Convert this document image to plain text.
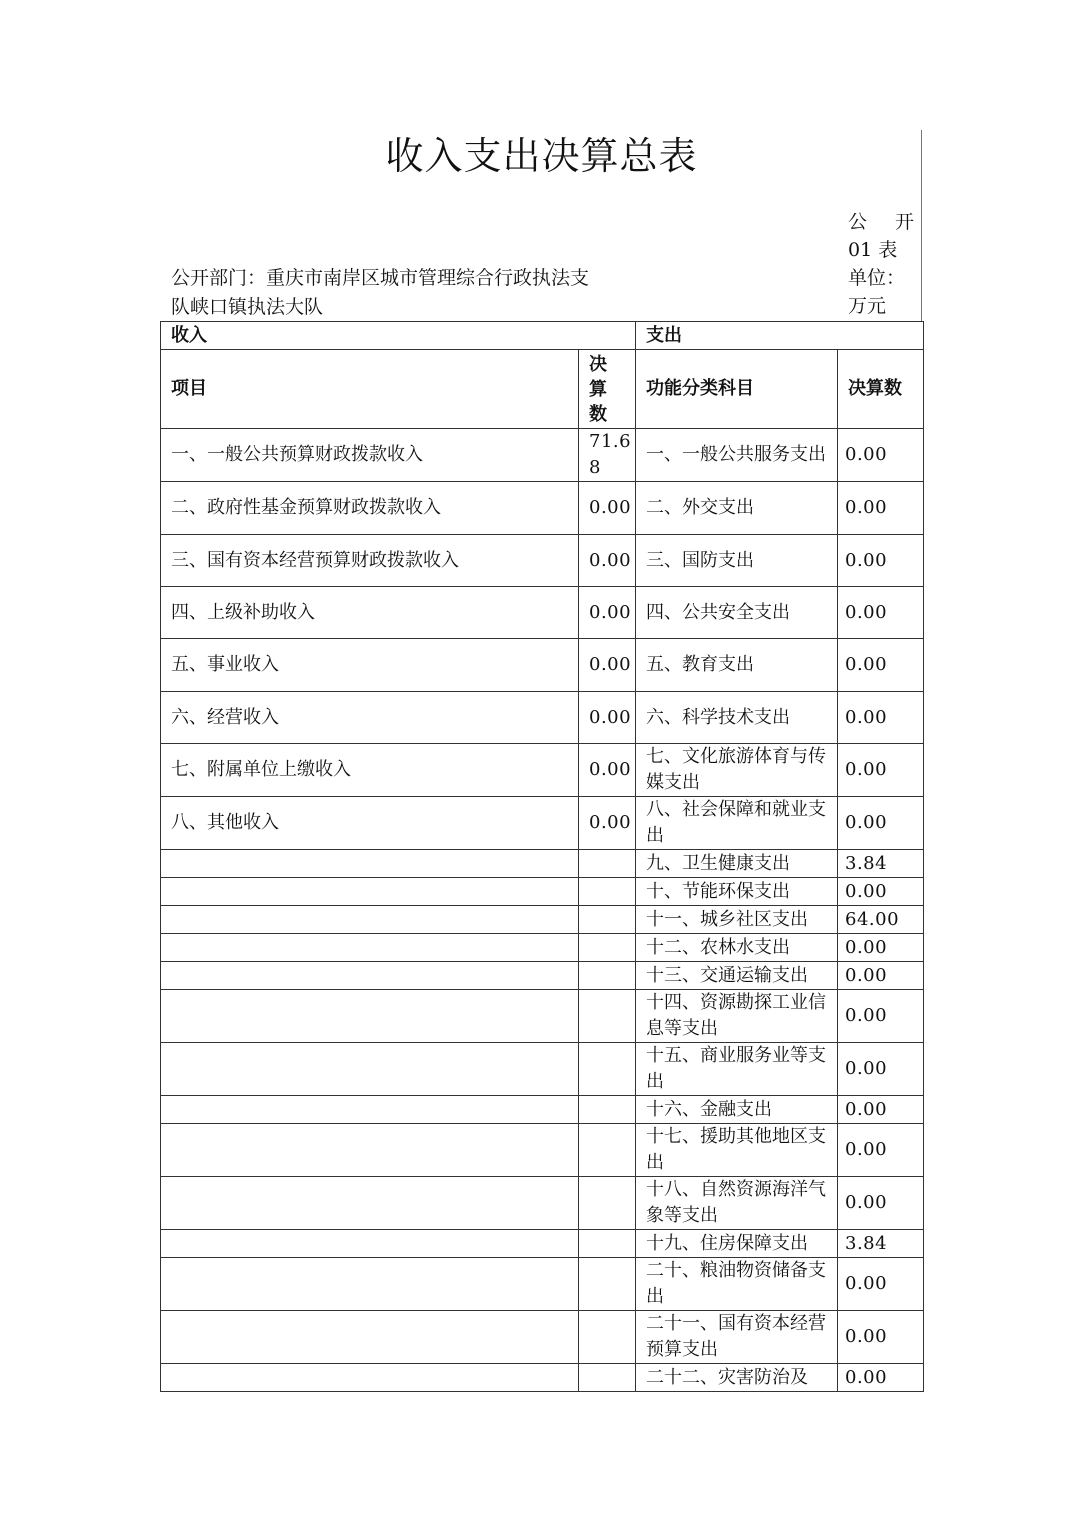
收入支出决算总表
公开部门：重庆市南岸区城市管理综合行政执法支队峡口镇执法大队
公 开
01 表
单位：
万元
收入		支出	
项目	决算数	功能分类科目	决算数
一、一般公共预算财政拨款收入	71.68	一、一般公共服务支出	0.00
二、政府性基金预算财政拨款收入	0.00	二、外交支出	0.00
三、国有资本经营预算财政拨款收入	0.00	三、国防支出	0.00
四、上级补助收入	0.00	四、公共安全支出	0.00
五、事业收入	0.00	五、教育支出	0.00
六、经营收入	0.00	六、科学技术支出	0.00
七、附属单位上缴收入	0.00	七、文化旅游体育与传媒支出	0.00
八、其他收入	0.00	八、社会保障和就业支出	0.00
		九、卫生健康支出	3.84
		十、节能环保支出	0.00
		十一、城乡社区支出	64.00
		十二、农林水支出	0.00
		十三、交通运输支出	0.00
		十四、资源勘探工业信息等支出	0.00
		十五、商业服务业等支出	0.00
		十六、金融支出	0.00
		十七、援助其他地区支出	0.00
		十八、自然资源海洋气象等支出	0.00
		十九、住房保障支出	3.84
		二十、粮油物资储备支出	0.00
		二十一、国有资本经营预算支出	0.00
		二十二、灾害防治及	0.00
